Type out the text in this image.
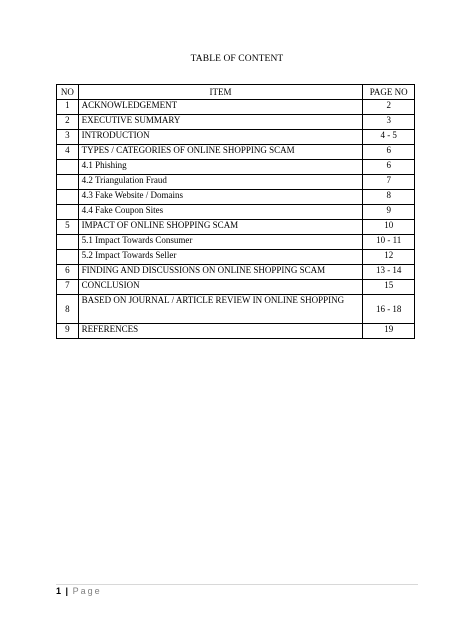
TABLE OF CONTENT
NO	ITEM	PAGE NO
1	ACKNOWLEDGEMENT	2
2	EXECUTIVE SUMMARY	3
3	INTRODUCTION	4 - 5
4	TYPES / CATEGORIES OF ONLINE SHOPPING SCAM	6
	4.1 Phishing	6
	4.2 Triangulation Fraud	7
	4.3 Fake Website / Domains	8
	4.4 Fake Coupon Sites	9
5	IMPACT OF ONLINE SHOPPING SCAM	10
	5.1 Impact Towards Consumer	10 - 11
	5.2 Impact Towards Seller	12
6	FINDING AND DISCUSSIONS ON ONLINE SHOPPING SCAM	13 - 14
7	CONCLUSION	15
8	BASED ON JOURNAL / ARTICLE REVIEW IN ONLINE SHOPPING	16 - 18
9	REFERENCES	19
1 | Page
